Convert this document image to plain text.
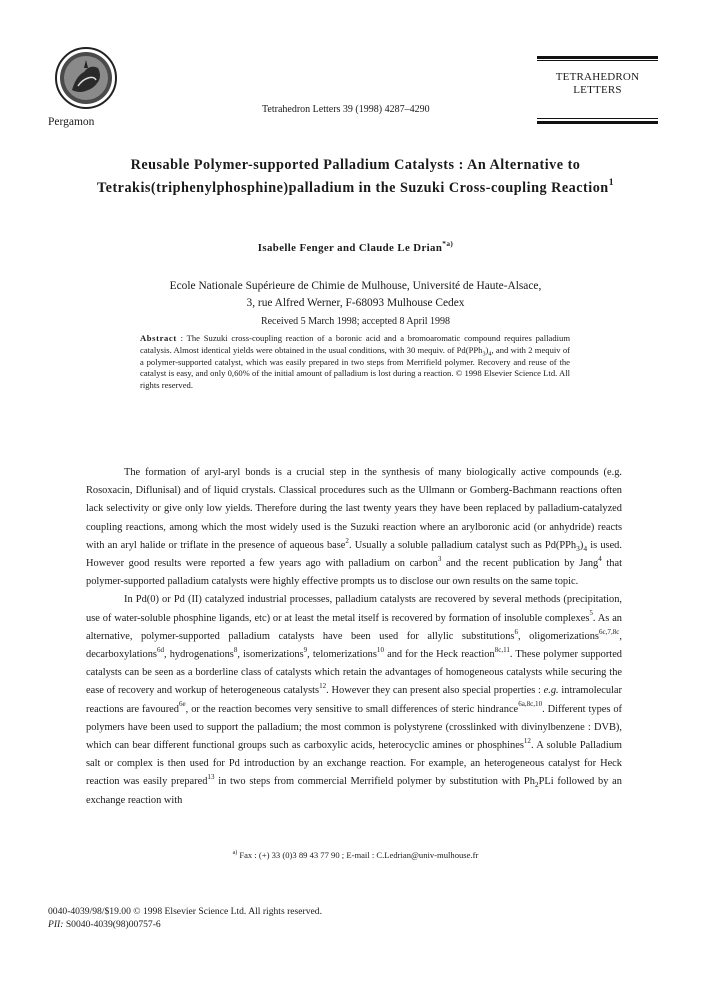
Pergamon
Tetrahedron Letters 39 (1998) 4287–4290
TETRAHEDRON
LETTERS
Reusable Polymer-supported Palladium Catalysts : An Alternative to
Tetrakis(triphenylphosphine)palladium in the Suzuki Cross-coupling Reaction$^1$
Isabelle Fenger and Claude Le Drian$^{*a)}$
Ecole Nationale Supérieure de Chimie de Mulhouse, Université de Haute-Alsace,
3, rue Alfred Werner, F-68093 Mulhouse Cedex
Received 5 March 1998; accepted 8 April 1998
Abstract : The Suzuki cross-coupling reaction of a boronic acid and a bromoaromatic compound requires palladium catalysis. Almost identical yields were obtained in the usual conditions, with 30 mequiv. of $Pd(PPh_3)_4$, and with 2 mequiv of a polymer-supported catalyst, which was easily prepared in two steps from Merrifield polymer. Recovery and reuse of the catalyst is easy, and only 0,60% of the initial amount of palladium is lost during a reaction. © 1998 Elsevier Science Ltd. All rights reserved.

The formation of aryl-aryl bonds is a crucial step in the synthesis of many biologically active compounds (e.g. Rosoxacin, Diflunisal) and of liquid crystals. Classical procedures such as the Ullmann or Gomberg-Bachmann reactions often lack selectivity or give only low yields. Therefore during the last twenty years they have been replaced by palladium-catalyzed coupling reactions, among which the most widely used is the Suzuki reaction where an arylboronic acid (or anhydride) reacts with an aryl halide or triflate in the presence of aqueous base$^2$. Usually a soluble palladium catalyst such as $Pd(PPh_3)_4$ is used. However good results were reported a few years ago with palladium on carbon$^3$ and the recent publication by Jang$^4$ that polymer-supported palladium catalysts were highly effective prompts us to disclose our own results on the same topic.

In Pd(0) or Pd (II) catalyzed industrial processes, palladium catalysts are recovered by several methods (precipitation, use of water-soluble phosphine ligands, etc) or at least the metal itself is recovered by formation of insoluble complexes$^5$. As an alternative, polymer-supported palladium catalysts have been used for allylic substitutions$^6$, oligomerizations$^{6c,7,8c}$, decarboxylations$^{6d}$, hydrogenations$^8$, isomerizations$^9$, telomerizations$^{10}$ and for the Heck reaction$^{8c,11}$. These polymer supported catalysts can be seen as a borderline class of catalysts which retain the advantages of homogeneous catalysts while securing the ease of recovery and workup of heterogeneous catalysts$^{12}$. However they can present also special properties : e.g. intramolecular reactions are favoured$^{6e}$, or the reaction becomes very sensitive to small differences of steric hindrance$^{6a,8c,10}$. Different types of polymers have been used to support the palladium; the most common is polystyrene (crosslinked with divinylbenzene : DVB), which can bear different functional groups such as carboxylic acids, heterocyclic amines or phosphines$^{12}$. A soluble Palladium salt or complex is then used for Pd introduction by an exchange reaction. For example, an heterogeneous catalyst for Heck reaction was easily prepared$^{13}$ in two steps from commercial Merrifield polymer by substitution with $Ph_2PLi$ followed by an exchange reaction with

$^{a)}$ Fax : (+) 33 (0)3 89 43 77 90 ; E-mail : C.Ledrian@univ-mulhouse.fr
0040-4039/98/$19.00 © 1998 Elsevier Science Ltd. All rights reserved.
PII: S0040-4039(98)00757-6
